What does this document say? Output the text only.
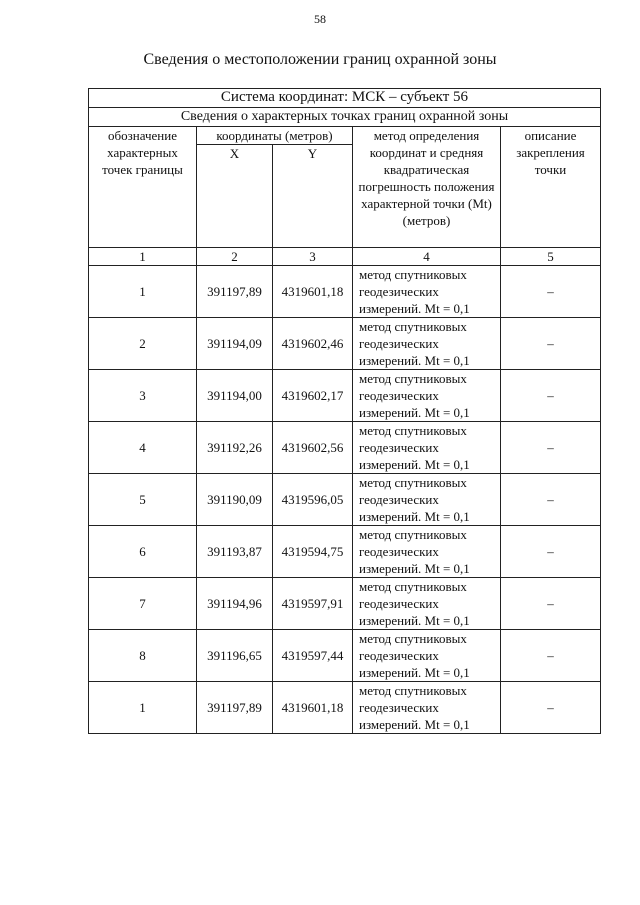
58
Сведения о местоположении границ охранной зоны
Система координат: МСК – субъект 56				
Сведения о характерных точках границ охранной зоны				
обозначение характерных точек границы	координаты (метров)		метод определения координат и средняя квадратическая погрешность положения характерной точки (Mt) (метров)	описание закрепления точки
	X	Y		
1	2	3	4	5
1	391197,89	4319601,18	метод спутниковых геодезических измерений. Mt = 0,1	–
2	391194,09	4319602,46	метод спутниковых геодезических измерений. Mt = 0,1	–
3	391194,00	4319602,17	метод спутниковых геодезических измерений. Mt = 0,1	–
4	391192,26	4319602,56	метод спутниковых геодезических измерений. Mt = 0,1	–
5	391190,09	4319596,05	метод спутниковых геодезических измерений. Mt = 0,1	–
6	391193,87	4319594,75	метод спутниковых геодезических измерений. Mt = 0,1	–
7	391194,96	4319597,91	метод спутниковых геодезических измерений. Mt = 0,1	–
8	391196,65	4319597,44	метод спутниковых геодезических измерений. Mt = 0,1	–
1	391197,89	4319601,18	метод спутниковых геодезических измерений. Mt = 0,1	–
